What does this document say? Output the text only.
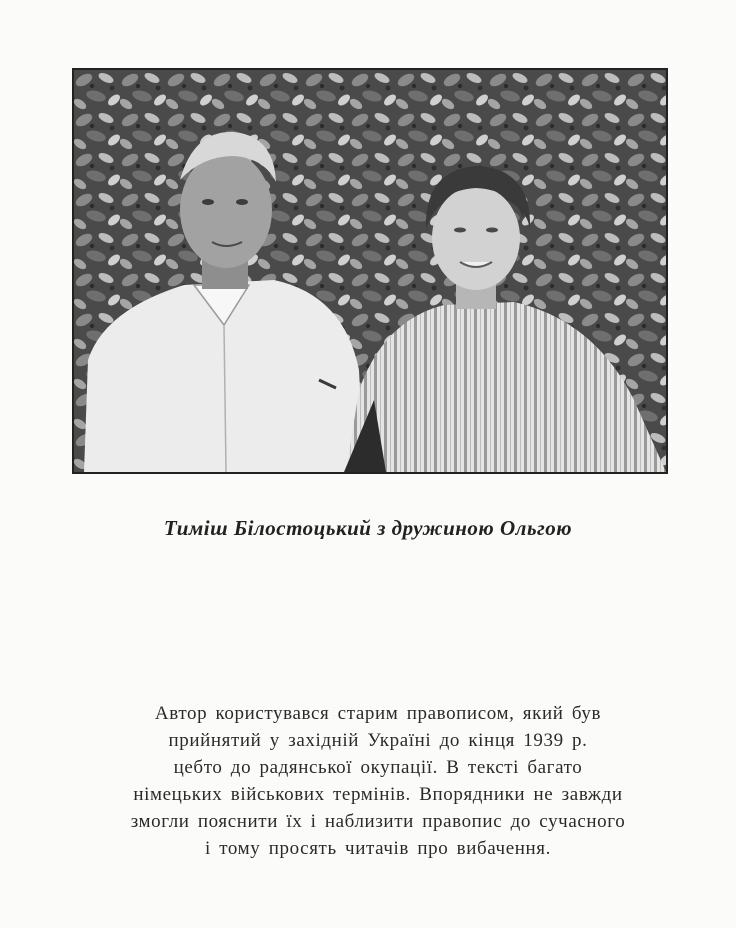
Тиміш Білостоцький з дружиною Ольгою
Автор користувався старим правописом, який був
прийнятий у західній Україні до кінця 1939 р.
цебто до радянської окупації. В тексті багато
німецьких військових термінів. Впорядники не завжди
змогли пояснити їх і наблизити правопис до сучасного
і тому просять читачів про вибачення.
